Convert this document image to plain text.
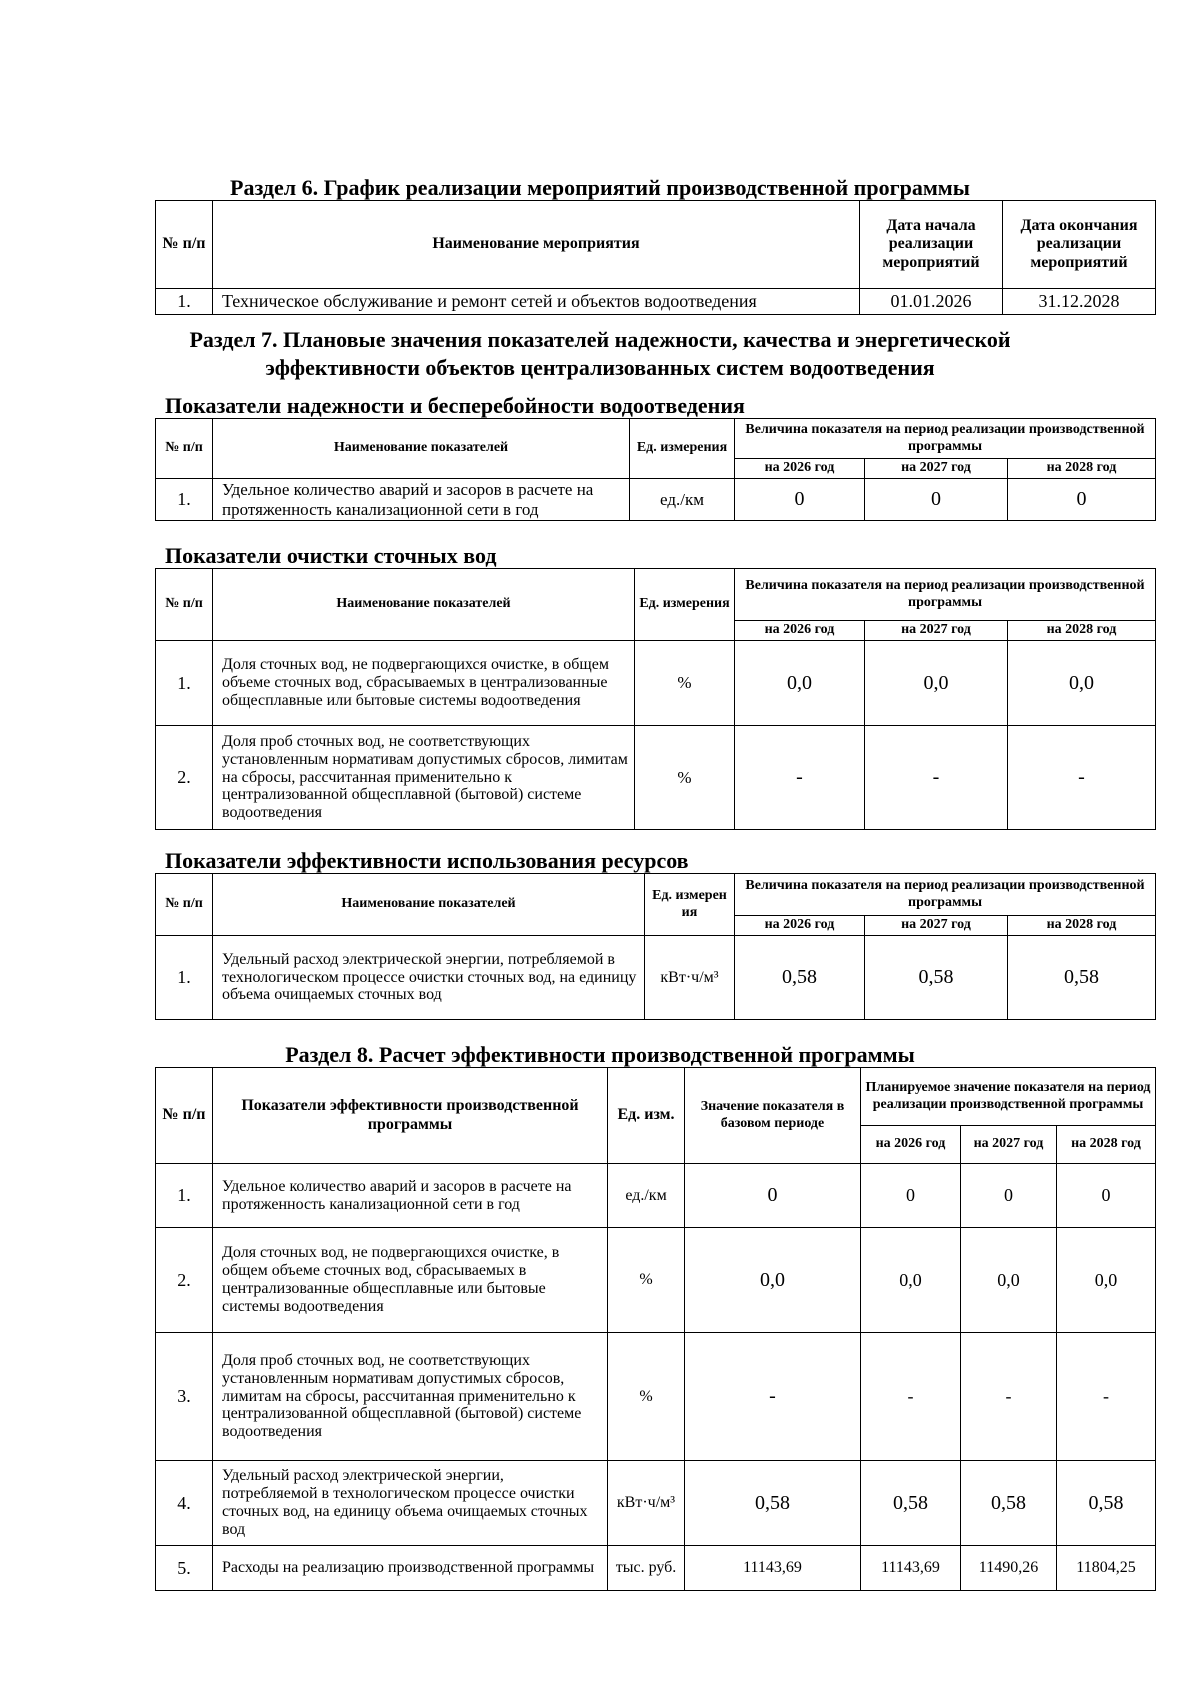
Раздел 6. График реализации мероприятий производственной программы
№ п/п	Наименование мероприятия	Дата начала реализации мероприятий	Дата окончания реализации мероприятий
1.	Техническое обслуживание и ремонт сетей и объектов водоотведения	01.01.2026	31.12.2028
Раздел 7. Плановые значения показателей надежности, качества и энергетической
эффективности объектов централизованных систем водоотведения
Показатели надежности и бесперебойности водоотведения
№ п/п	Наименование показателей	Ед. измерения	Величина показателя на период реализации производственной программы		
			на 2026 год	на 2027 год	на 2028 год
1.	Удельное количество аварий и засоров в расчете на протяженность канализационной сети в год	ед./км	0	0	0
Показатели очистки сточных вод
№ п/п	Наименование показателей	Ед. измерения	Величина показателя на период реализации производственной программы		
			на 2026 год	на 2027 год	на 2028 год
1.	Доля сточных вод, не подвергающихся очистке, в общем объеме сточных вод, сбрасываемых в централизованные общесплавные или бытовые системы водоотведения	%	0,0	0,0	0,0
2.	Доля проб сточных вод, не соответствующих установленным нормативам допустимых сбросов, лимитам на сбросы, рассчитанная применительно к централизованной общесплавной (бытовой) системе водоотведения	%	-	-	-
Показатели эффективности использования ресурсов
№ п/п	Наименование показателей	Ед. измерен ия	Величина показателя на период реализации производственной программы		
			на 2026 год	на 2027 год	на 2028 год
1.	Удельный расход электрической энергии, потребляемой в технологическом процессе очистки сточных вод, на единицу объема очищаемых сточных вод	кВт·ч/м³	0,58	0,58	0,58
Раздел 8. Расчет эффективности производственной программы
№ п/п	Показатели эффективности производственной программы	Ед. изм.	Значение показателя в базовом периоде	Планируемое значение показателя на период реализации производственной программы		
				на 2026 год	на 2027 год	на 2028 год
1.	Удельное количество аварий и засоров в расчете на протяженность канализационной сети в год	ед./км	0	0	0	0
2.	Доля сточных вод, не подвергающихся очистке, в общем объеме сточных вод, сбрасываемых в централизованные общесплавные или бытовые системы водоотведения	%	0,0	0,0	0,0	0,0
3.	Доля проб сточных вод, не соответствующих установленным нормативам допустимых сбросов, лимитам на сбросы, рассчитанная применительно к централизованной общесплавной (бытовой) системе водоотведения	%	-	-	-	-
4.	Удельный расход электрической энергии, потребляемой в технологическом процессе очистки сточных вод, на единицу объема очищаемых сточных вод	кВт·ч/м³	0,58	0,58	0,58	0,58
5.	Расходы на реализацию производственной программы	тыс. руб.	11143,69	11143,69	11490,26	11804,25
